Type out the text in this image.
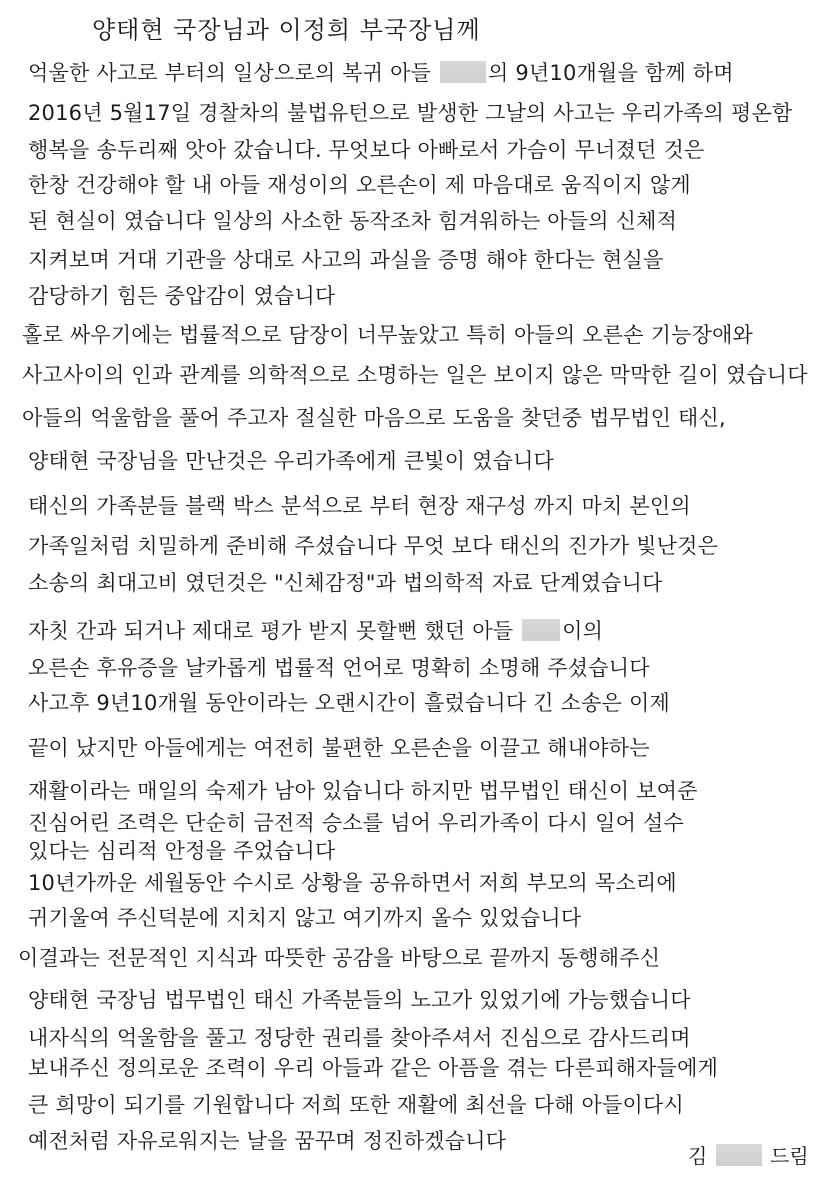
양태현 국장님과 이정희 부국장님께

억울한 사고로 부터의 일상으로의 복귀 아들	의 9년10개월을 함께 하며

2016년 5월17일 경찰차의 불법유턴으로 발생한 그날의 사고는 우리가족의 평온함

행복을 송두리째 앗아 갔습니다. 무엇보다 아빠로서 가슴이 무너졌던 것은

한창 건강해야 할 내 아들 재성이의 오른손이 제 마음대로 움직이지 않게

된 현실이 였습니다 일상의 사소한 동작조차 힘겨워하는 아들의 신체적

지켜보며 거대 기관을 상대로 사고의 과실을 증명 해야 한다는 현실을

감당하기 힘든 중압감이 였습니다

홀로 싸우기에는 법률적으로 담장이 너무높았고 특히 아들의 오른손 기능장애와

사고사이의 인과 관계를 의학적으로 소명하는 일은 보이지 않은 막막한 길이 였습니다

아들의 억울함을 풀어 주고자 절실한 마음으로 도움을 찾던중 법무법인 태신,

양태현 국장님을 만난것은 우리가족에게 큰빛이 였습니다

태신의 가족분들 블랙 박스 분석으로 부터 현장 재구성 까지 마치 본인의

가족일처럼 치밀하게 준비해 주셨습니다 무엇 보다 태신의 진가가 빛난것은

소송의 최대고비 였던것은 "신체감정"과 법의학적 자료 단계였습니다

자칫 간과 되거나 제대로 평가 받지 못할뻔 했던 아들 이의

오른손 후유증을 날카롭게 법률적 언어로 명확히 소명해 주셨습니다

사고후 9년10개월 동안이라는 오랜시간이 흘렀습니다 긴 소송은 이제

끝이 났지만 아들에게는 여전히 불편한 오른손을 이끌고 해내야하는

재활이라는 매일의 숙제가 남아 있습니다 하지만 법무법인 태신이 보여준

진심어린 조력은 단순히 금전적 승소를 넘어 우리가족이 다시 일어 설수

있다는 심리적 안정을 주었습니다

10년가까운 세월동안 수시로 상황을 공유하면서 저희 부모의 목소리에

귀기울여 주신덕분에 지치지 않고 여기까지 올수 있었습니다

이결과는 전문적인 지식과 따뜻한 공감을 바탕으로 끝까지 동행해주신

양태현 국장님 법무법인 태신 가족분들의 노고가 있었기에 가능했습니다

내자식의 억울함을 풀고 정당한 권리를 찾아주셔서 진심으로 감사드리며

보내주신 정의로운 조력이 우리 아들과 같은 아픔을 겪는 다른피해자들에게

큰 희망이 되기를 기원합니다 저희 또한 재활에 최선을 다해 아들이다시

예전처럼 자유로워지는 날을 꿈꾸며 정진하겠습니다

김	드림
